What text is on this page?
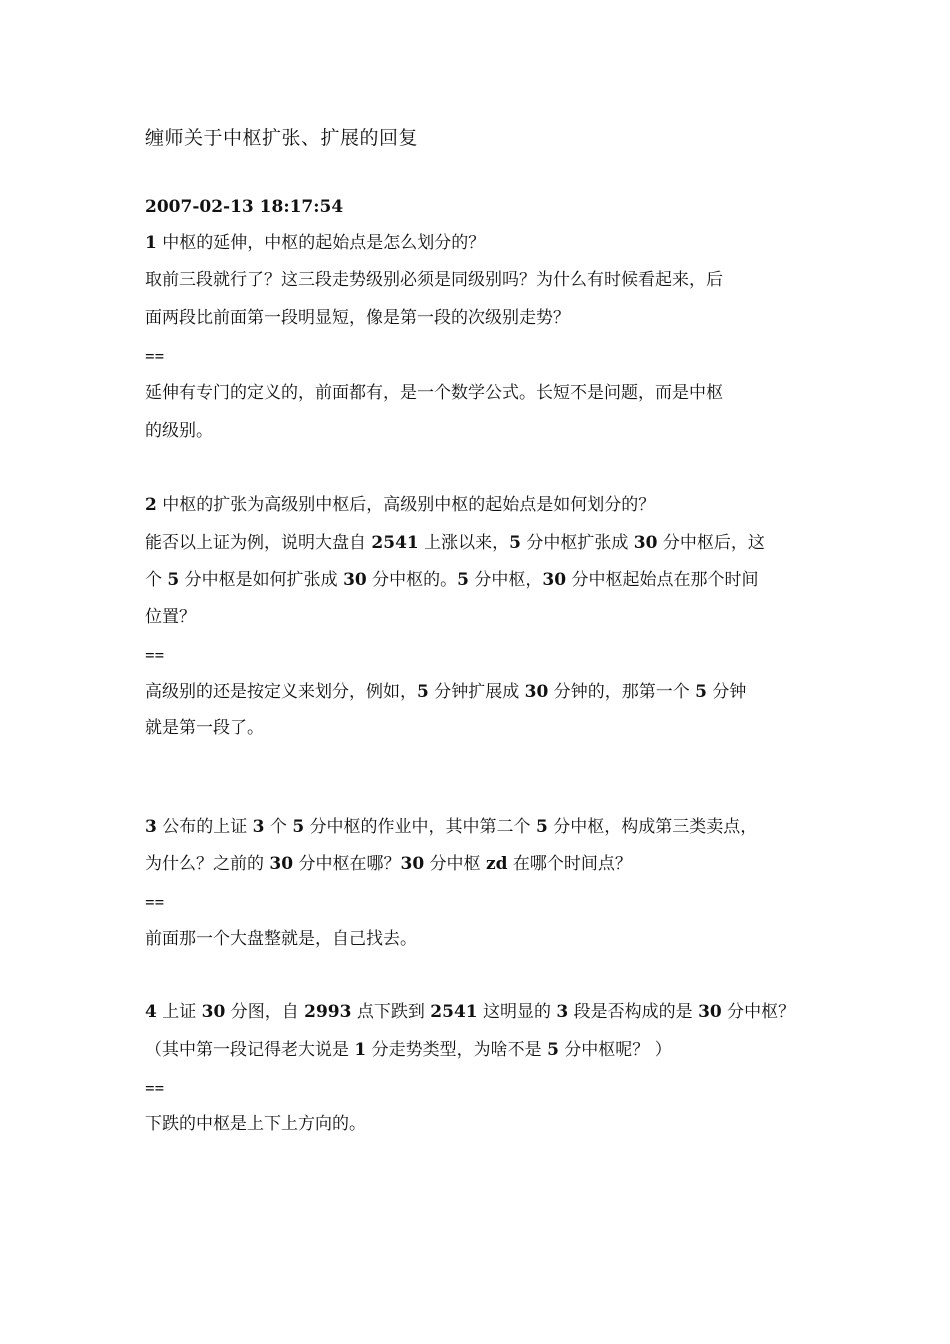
缠师关于中枢扩张、扩展的回复
2007-02-13 18:17:54
1 中枢的延伸，中枢的起始点是怎么划分的？
取前三段就行了？这三段走势级别必须是同级别吗？为什么有时候看起来，后
面两段比前面第一段明显短，像是第一段的次级别走势？
==
延伸有专门的定义的，前面都有，是一个数学公式。长短不是问题，而是中枢
的级别。
2 中枢的扩张为高级别中枢后，高级别中枢的起始点是如何划分的？
能否以上证为例，说明大盘自 2541 上涨以来，5 分中枢扩张成 30 分中枢后，这
个 5 分中枢是如何扩张成 30 分中枢的。5 分中枢，30 分中枢起始点在那个时间
位置？
==
高级别的还是按定义来划分，例如，5 分钟扩展成 30 分钟的，那第一个 5 分钟
就是第一段了。
3 公布的上证 3 个 5 分中枢的作业中，其中第二个 5 分中枢，构成第三类卖点，
为什么？之前的 30 分中枢在哪？30 分中枢 zd 在哪个时间点？
==
前面那一个大盘整就是，自己找去。
4 上证 30 分图，自 2993 点下跌到 2541 这明显的 3 段是否构成的是 30 分中枢？
（其中第一段记得老大说是 1 分走势类型，为啥不是 5 分中枢呢？ ）
==
下跌的中枢是上下上方向的。
